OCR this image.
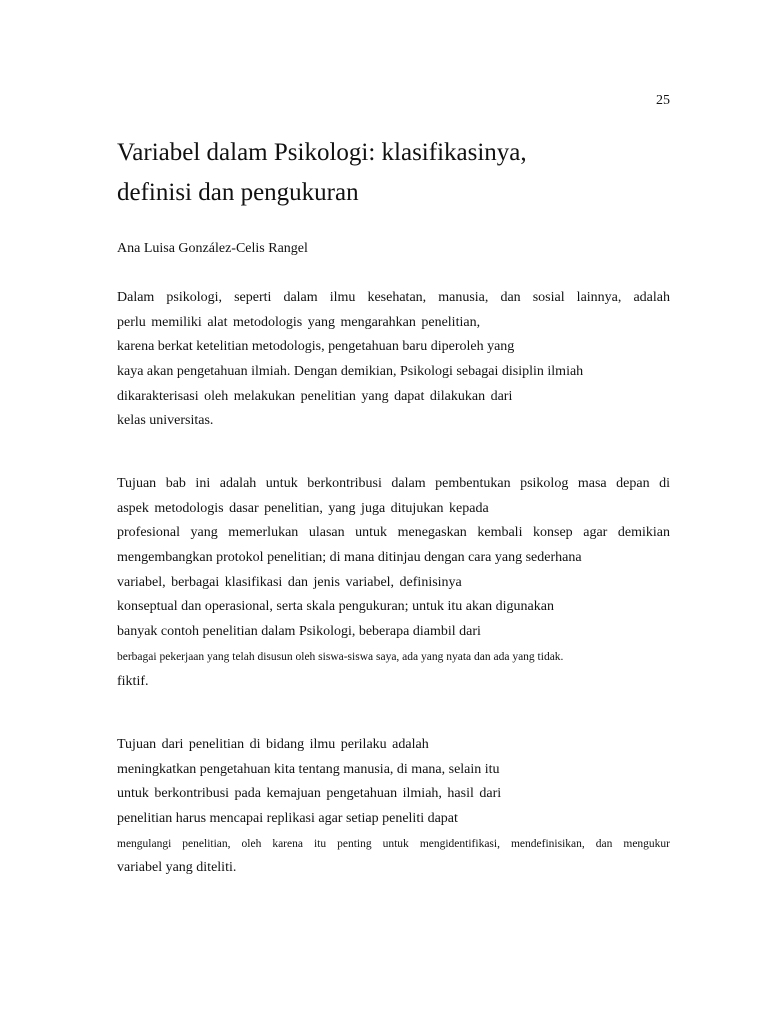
25
Variabel dalam Psikologi: klasifikasinya,
definisi dan pengukuran
Ana Luisa González-Celis Rangel
Dalam psikologi, seperti dalam ilmu kesehatan, manusia, dan sosial lainnya, adalah
perlu memiliki alat metodologis yang mengarahkan penelitian,
karena berkat ketelitian metodologis, pengetahuan baru diperoleh yang
kaya akan pengetahuan ilmiah. Dengan demikian, Psikologi sebagai disiplin ilmiah
dikarakterisasi oleh melakukan penelitian yang dapat dilakukan dari
kelas universitas.
Tujuan bab ini adalah untuk berkontribusi dalam pembentukan psikolog masa depan di
aspek metodologis dasar penelitian, yang juga ditujukan kepada
profesional yang memerlukan ulasan untuk menegaskan kembali konsep agar demikian
mengembangkan protokol penelitian; di mana ditinjau dengan cara yang sederhana
variabel, berbagai klasifikasi dan jenis variabel, definisinya
konseptual dan operasional, serta skala pengukuran; untuk itu akan digunakan
banyak contoh penelitian dalam Psikologi, beberapa diambil dari
berbagai pekerjaan yang telah disusun oleh siswa-siswa saya, ada yang nyata dan ada yang tidak.
fiktif.
Tujuan dari penelitian di bidang ilmu perilaku adalah
meningkatkan pengetahuan kita tentang manusia, di mana, selain itu
untuk berkontribusi pada kemajuan pengetahuan ilmiah, hasil dari
penelitian harus mencapai replikasi agar setiap peneliti dapat
mengulangi penelitian, oleh karena itu penting untuk mengidentifikasi, mendefinisikan, dan mengukur
variabel yang diteliti.
